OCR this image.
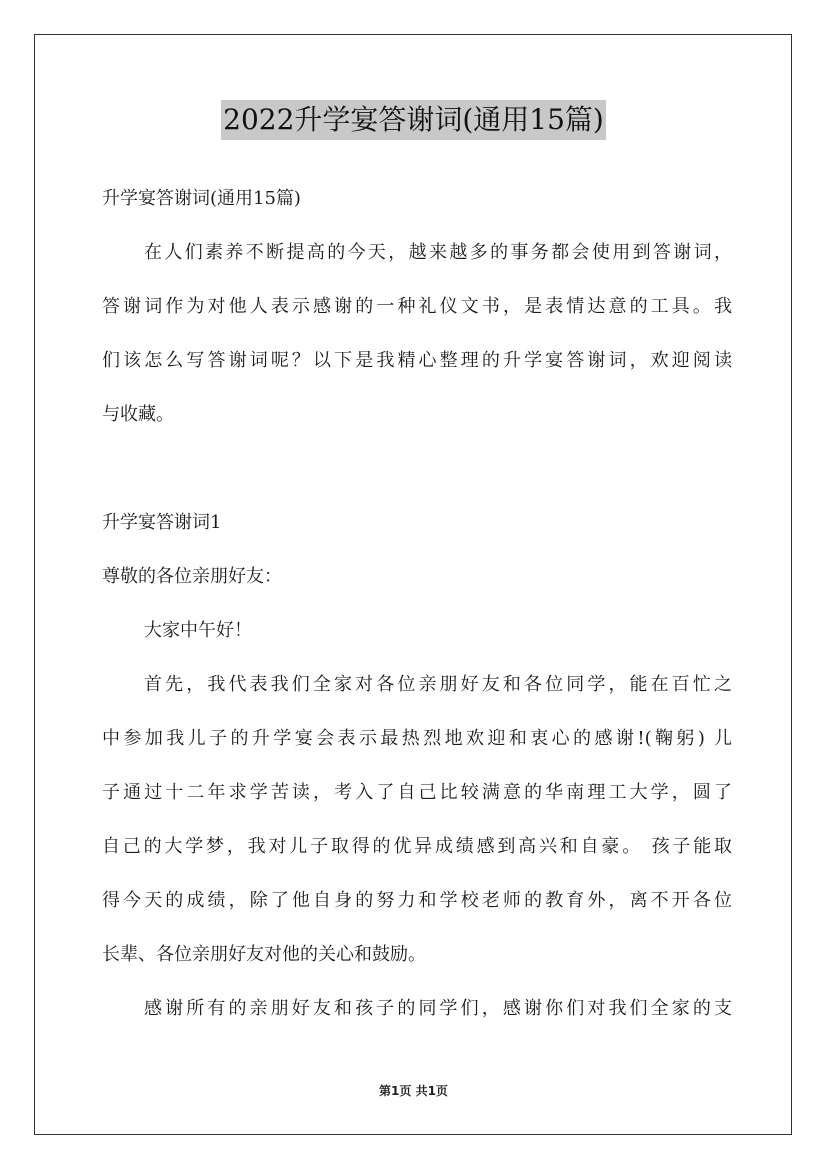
2022升学宴答谢词(通用15篇)
升学宴答谢词(通用15篇)
在人们素养不断提高的今天，越来越多的事务都会使用到答谢词，
答谢词作为对他人表示感谢的一种礼仪文书，是表情达意的工具。我
们该怎么写答谢词呢？以下是我精心整理的升学宴答谢词，欢迎阅读
与收藏。
升学宴答谢词1
尊敬的各位亲朋好友：
大家中午好！
首先，我代表我们全家对各位亲朋好友和各位同学，能在百忙之
中参加我儿子的升学宴会表示最热烈地欢迎和衷心的感谢!(鞠躬) 儿
子通过十二年求学苦读，考入了自己比较满意的华南理工大学，圆了
自己的大学梦，我对儿子取得的优异成绩感到高兴和自豪。 孩子能取
得今天的成绩，除了他自身的努力和学校老师的教育外，离不开各位
长辈、各位亲朋好友对他的关心和鼓励。
感谢所有的亲朋好友和孩子的同学们，感谢你们对我们全家的支
第1页 共1页
